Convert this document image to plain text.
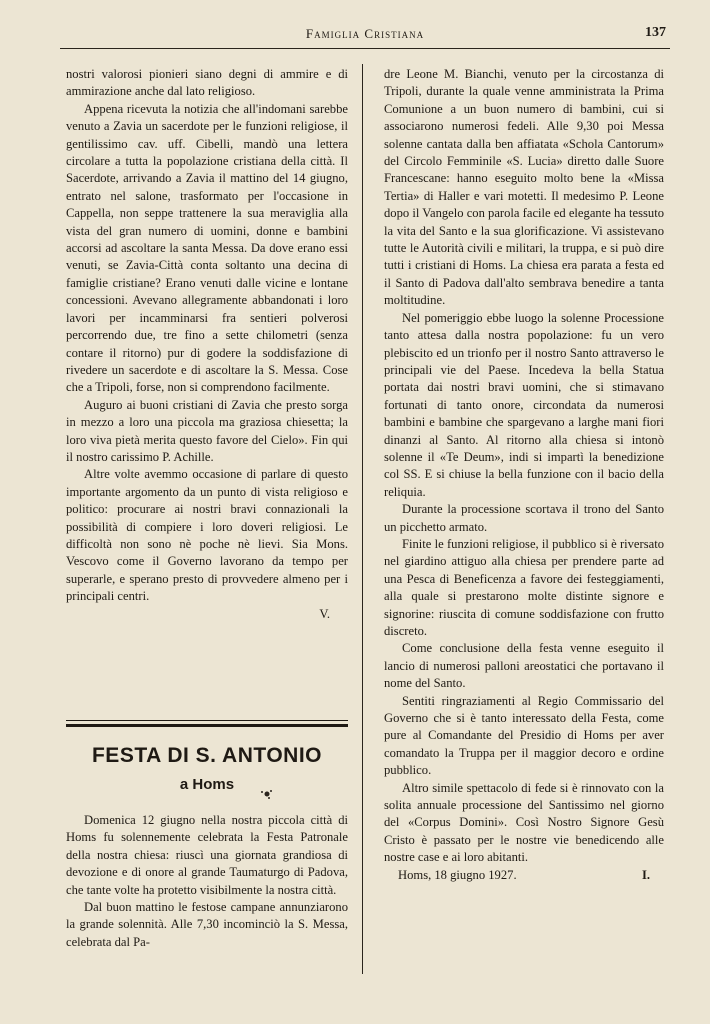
Famiglia Cristiana	137

nostri valorosi pionieri siano degni di ammire e di ammirazione anche dal lato religioso.

Appena ricevuta la notizia che all'indomani sarebbe venuto a Zavia un sacerdote per le funzioni religiose, il gentilissimo cav. uff. Cibelli, mandò una lettera circolare a tutta la popolazione cristiana della città. Il Sacerdote, arrivando a Zavia il mattino del 14 giugno, entrato nel salone, trasformato per l'occasione in Cappella, non seppe trattenere la sua meraviglia alla vista del gran numero di uomini, donne e bambini accorsi ad ascoltare la santa Messa. Da dove erano essi venuti, se Zavia-Città conta soltanto una decina di famiglie cristiane? Erano venuti dalle vicine e lontane concessioni. Avevano allegramente abbandonati i loro lavori per incamminarsi fra sentieri polverosi percorrendo due, tre fino a sette chilometri (senza contare il ritorno) pur di godere la soddisfazione di rivedere un sacerdote e di ascoltare la S. Messa. Cose che a Tripoli, forse, non si comprendono facilmente.

Auguro ai buoni cristiani di Zavia che presto sorga in mezzo a loro una piccola ma graziosa chiesetta; la loro viva pietà merita questo favore del Cielo». Fin qui il nostro carissimo P. Achille.

Altre volte avemmo occasione di parlare di questo importante argomento da un punto di vista religioso e politico: procurare ai nostri bravi connazionali la possibilità di compiere i loro doveri religiosi. Le difficoltà non sono nè poche nè lievi. Sia Mons. Vescovo come il Governo lavorano da tempo per superarle, e sperano presto di provvedere almeno per i principali centri.

V.
FESTA DI S. ANTONIO
a Homs

Domenica 12 giugno nella nostra piccola città di Homs fu solennemente celebrata la Festa Patronale della nostra chiesa: riuscì una giornata grandiosa di devozione e di onore al grande Taumaturgo di Padova, che tante volte ha protetto visibilmente la nostra città.

Dal buon mattino le festose campane annunziarono la grande solennità. Alle 7,30 incominciò la S. Messa, celebrata dal Pa-

dre Leone M. Bianchi, venuto per la circostanza di Tripoli, durante la quale venne amministrata la Prima Comunione a un buon numero di bambini, cui si associarono numerosi fedeli. Alle 9,30 poi Messa solenne cantata dalla ben affiatata «Schola Cantorum» del Circolo Femminile «S. Lucia» diretto dalle Suore Francescane: hanno eseguito molto bene la «Missa Tertia» di Haller e vari motetti. Il medesimo P. Leone dopo il Vangelo con parola facile ed elegante ha tessuto la vita del Santo e la sua glorificazione. Vi assistevano tutte le Autorità civili e militari, la truppa, e si può dire tutti i cristiani di Homs. La chiesa era parata a festa ed il Santo di Padova dall'alto sembrava benedire a tanta moltitudine.

Nel pomeriggio ebbe luogo la solenne Processione tanto attesa dalla nostra popolazione: fu un vero plebiscito ed un trionfo per il nostro Santo attraverso le principali vie del Paese. Incedeva la bella Statua portata dai nostri bravi uomini, che si stimavano fortunati di tanto onore, circondata da numerosi bambini e bambine che spargevano a larghe mani fiori dinanzi al Santo. Al ritorno alla chiesa si intonò solenne il «Te Deum», indi si impartì la benedizione col SS. E si chiuse la bella funzione con il bacio della reliquia.

Durante la processione scortava il trono del Santo un picchetto armato.

Finite le funzioni religiose, il pubblico si è riversato nel giardino attiguo alla chiesa per prendere parte ad una Pesca di Beneficenza a favore dei festeggiamenti, alla quale si prestarono molte distinte signore e signorine: riuscita di comune soddisfazione con frutto discreto.

Come conclusione della festa venne eseguito il lancio di numerosi palloni areostatici che portavano il nome del Santo.

Sentiti ringraziamenti al Regio Commissario del Governo che si è tanto interessato della Festa, come pure al Comandante del Presidio di Homs per aver comandato la Truppa per il maggior decoro e ordine pubblico.

Altro simile spettacolo di fede si è rinnovato con la solita annuale processione del Santissimo nel giorno del «Corpus Domini». Così Nostro Signore Gesù Cristo è passato per le nostre vie benedicendo alle nostre case e ai loro abitanti.

Homs, 18 giugno 1927.	I.
